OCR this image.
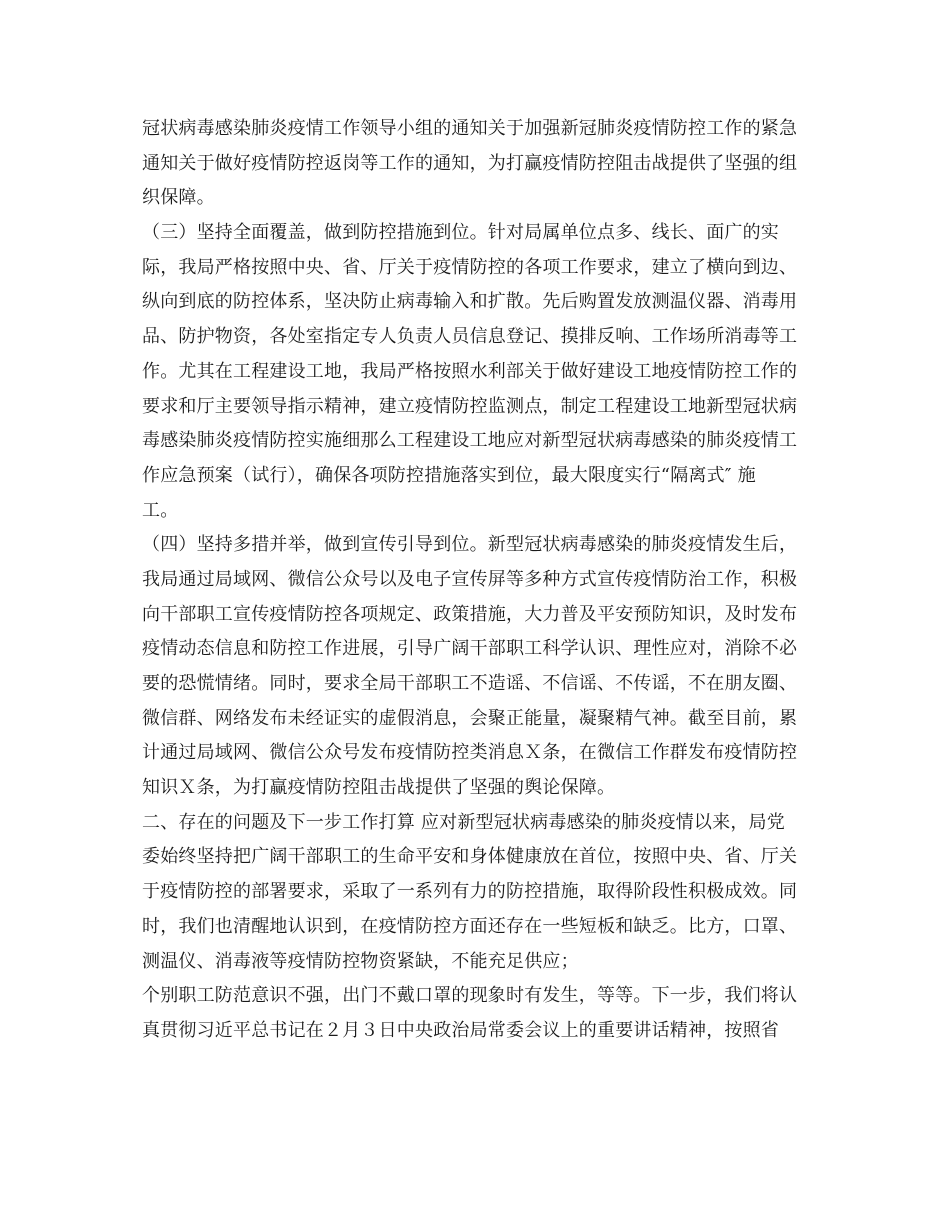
冠状病毒感染肺炎疫情工作领导小组的通知关于加强新冠肺炎疫情防控工作的紧急
通知关于做好疫情防控返岗等工作的通知，为打赢疫情防控阻击战提供了坚强的组
织保障。
（三）坚持全面覆盖，做到防控措施到位。针对局属单位点多、线长、面广的实
际，我局严格按照中央、省、厅关于疫情防控的各项工作要求，建立了横向到边、
纵向到底的防控体系，坚决防止病毒输入和扩散。先后购置发放测温仪器、消毒用
品、防护物资，各处室指定专人负责人员信息登记、摸排反响、工作场所消毒等工
作。尤其在工程建设工地，我局严格按照水利部关于做好建设工地疫情防控工作的
要求和厅主要领导指示精神，建立疫情防控监测点，制定工程建设工地新型冠状病
毒感染肺炎疫情防控实施细那么工程建设工地应对新型冠状病毒感染的肺炎疫情工
作应急预案（试行），确保各项防控措施落实到位，最大限度实行“隔离式″ 施
工。
（四）坚持多措并举，做到宣传引导到位。新型冠状病毒感染的肺炎疫情发生后，
我局通过局域网、微信公众号以及电子宣传屏等多种方式宣传疫情防治工作，积极
向干部职工宣传疫情防控各项规定、政策措施，大力普及平安预防知识，及时发布
疫情动态信息和防控工作进展，引导广阔干部职工科学认识、理性应对，消除不必
要的恐慌情绪。同时，要求全局干部职工不造谣、不信谣、不传谣，不在朋友圈、
微信群、网络发布未经证实的虚假消息，会聚正能量，凝聚精气神。截至目前，累
计通过局域网、微信公众号发布疫情防控类消息Ｘ条，在微信工作群发布疫情防控
知识Ｘ条，为打赢疫情防控阻击战提供了坚强的舆论保障。
二、存在的问题及下一步工作打算 应对新型冠状病毒感染的肺炎疫情以来，局党
委始终坚持把广阔干部职工的生命平安和身体健康放在首位，按照中央、省、厅关
于疫情防控的部署要求，采取了一系列有力的防控措施，取得阶段性积极成效。同
时，我们也清醒地认识到，在疫情防控方面还存在一些短板和缺乏。比方，口罩、
测温仪、消毒液等疫情防控物资紧缺，不能充足供应；
个别职工防范意识不强，出门不戴口罩的现象时有发生，等等。下一步，我们将认
真贯彻习近平总书记在２月３日中央政治局常委会议上的重要讲话精神，按照省
